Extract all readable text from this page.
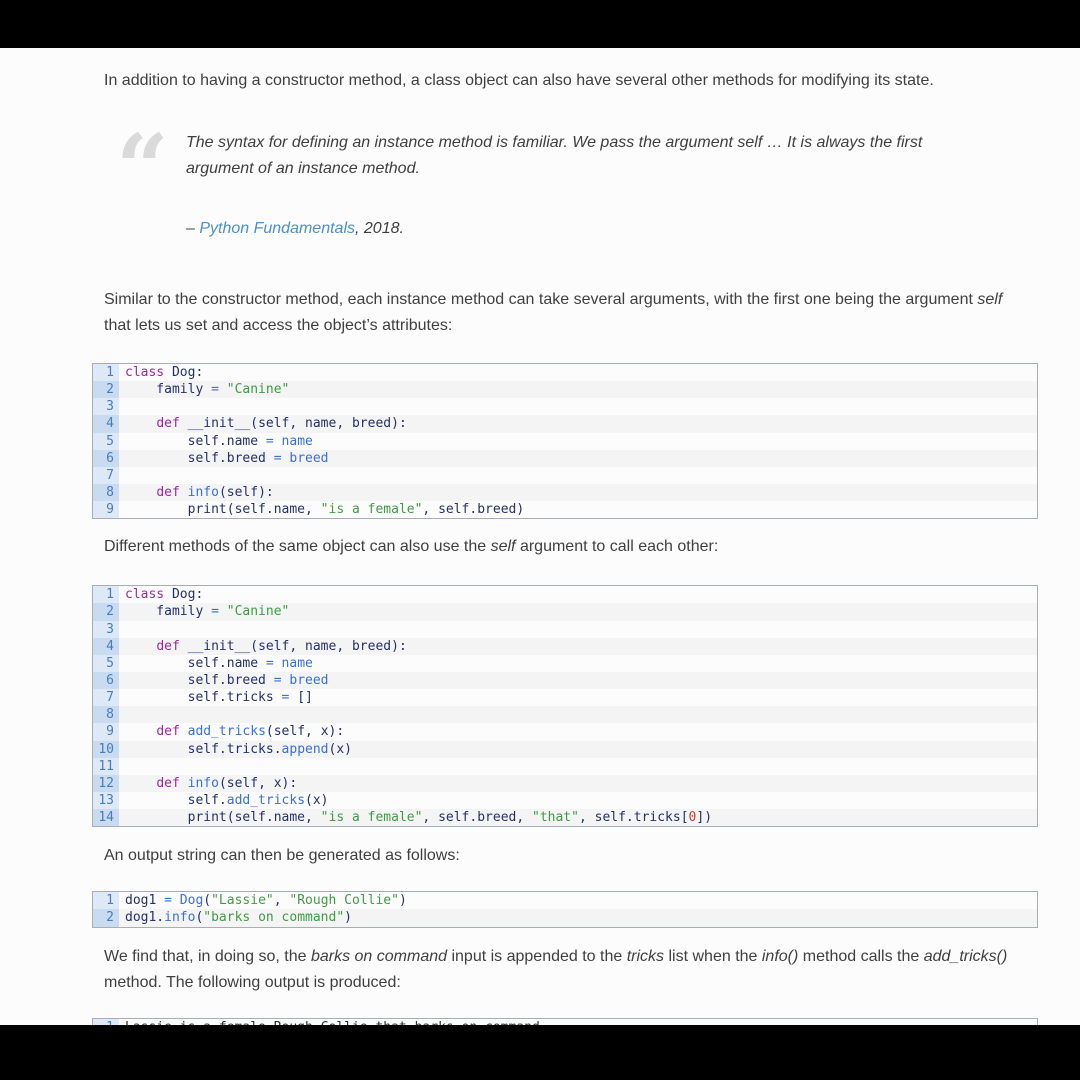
In addition to having a constructor method, a class object can also have several other methods for modifying its state.

“ The syntax for defining an instance method is familiar. We pass the argument self … It is always the first argument of an instance method.

– Python Fundamentals, 2018.

Similar to the constructor method, each instance method can take several arguments, with the first one being the argument self that lets us set and access the object’s attributes:

1 class Dog:
2 family = "Canine"
3
4	def __init__(self, name, breed):
5 self.name = name
6 self.breed = breed
7
8	def info(self):
9 print(self.name, "is a female", self.breed)

Different methods of the same object can also use the self argument to call each other:

1 class Dog:
2 family = "Canine"
3
4	def __init__(self, name, breed):
5 self.name = name
6 self.breed = breed
7 self.tricks = []
8
9	def add_tricks(self, x):
10 self.tricks.append(x)
11
12	def info(self, x):
13 self.add_tricks(x)
14 print(self.name, "is a female", self.breed, "that", self.tricks[0])

An output string can then be generated as follows:

1 dog1 = Dog("Lassie", "Rough Collie")
2 dog1.info("barks on command")

We find that, in doing so, the barks on command input is appended to the tricks list when the info() method calls the add_tricks() method. The following output is produced:
